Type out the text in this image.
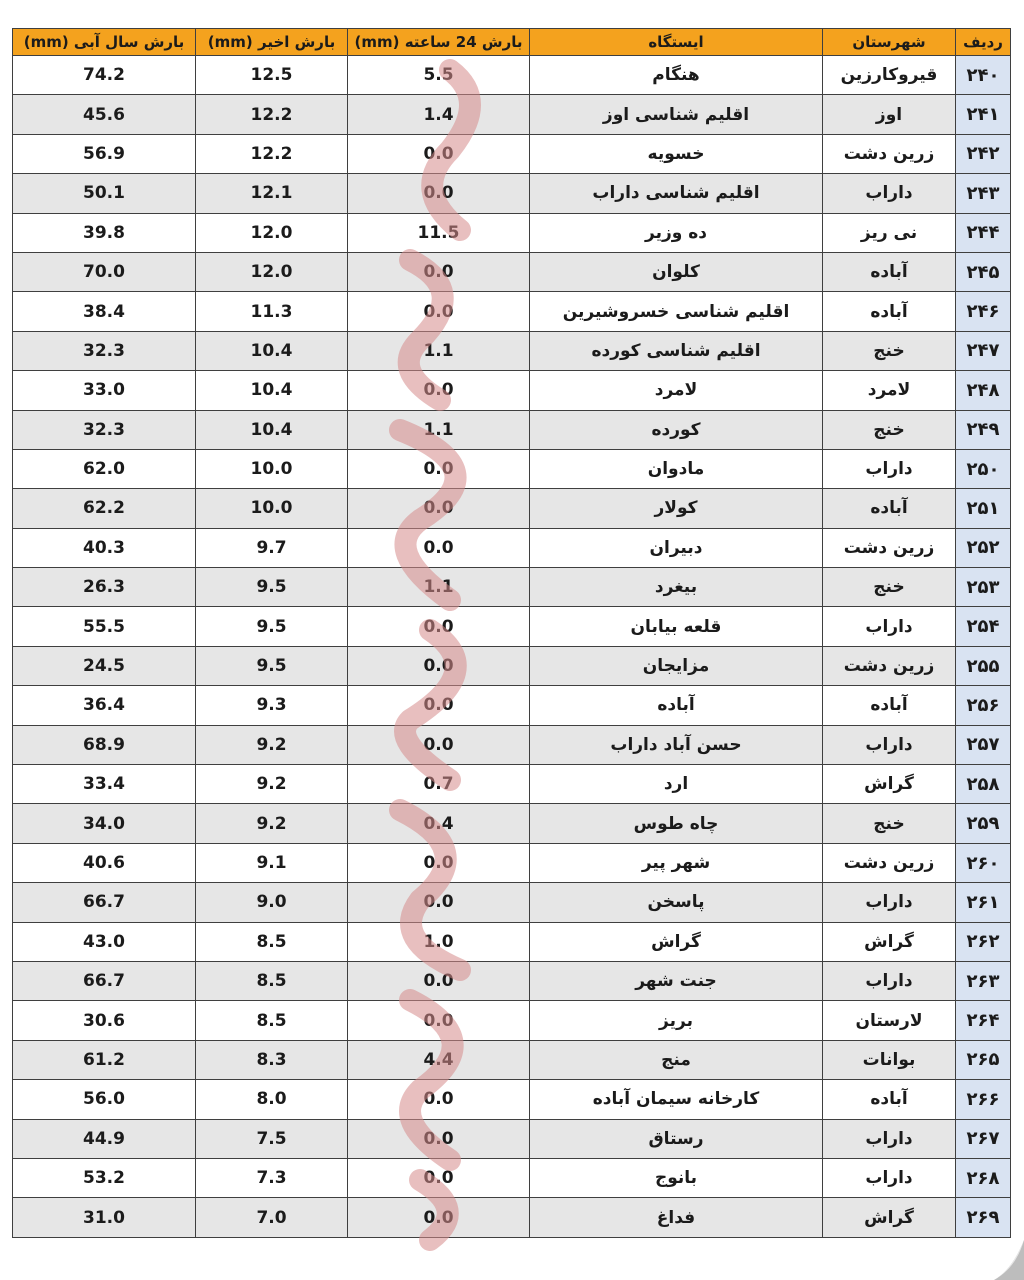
بارش سال آبی (mm)	بارش اخیر (mm)	بارش 24 ساعته (mm)	ایستگاه	شهرستان	ردیف
74.2	12.5	5.5	هنگام	قیروکارزین	۲۴۰
45.6	12.2	1.4	اقلیم شناسی اوز	اوز	۲۴۱
56.9	12.2	0.0	خسویه	زرین دشت	۲۴۲
50.1	12.1	0.0	اقلیم شناسی داراب	داراب	۲۴۳
39.8	12.0	11.5	ده وزیر	نی ریز	۲۴۴
70.0	12.0	0.0	کلوان	آباده	۲۴۵
38.4	11.3	0.0	اقلیم شناسی خسروشیرین	آباده	۲۴۶
32.3	10.4	1.1	اقلیم شناسی کورده	خنج	۲۴۷
33.0	10.4	0.0	لامرد	لامرد	۲۴۸
32.3	10.4	1.1	کورده	خنج	۲۴۹
62.0	10.0	0.0	مادوان	داراب	۲۵۰
62.2	10.0	0.0	کولار	آباده	۲۵۱
40.3	9.7	0.0	دبیران	زرین دشت	۲۵۲
26.3	9.5	1.1	بیغرد	خنج	۲۵۳
55.5	9.5	0.0	قلعه بیابان	داراب	۲۵۴
24.5	9.5	0.0	مزایجان	زرین دشت	۲۵۵
36.4	9.3	0.0	آباده	آباده	۲۵۶
68.9	9.2	0.0	حسن آباد داراب	داراب	۲۵۷
33.4	9.2	0.7	ارد	گراش	۲۵۸
34.0	9.2	0.4	چاه طوس	خنج	۲۵۹
40.6	9.1	0.0	شهر پیر	زرین دشت	۲۶۰
66.7	9.0	0.0	پاسخن	داراب	۲۶۱
43.0	8.5	1.0	گراش	گراش	۲۶۲
66.7	8.5	0.0	جنت شهر	داراب	۲۶۳
30.6	8.5	0.0	بریز	لارستان	۲۶۴
61.2	8.3	4.4	منج	بوانات	۲۶۵
56.0	8.0	0.0	کارخانه سیمان آباده	آباده	۲۶۶
44.9	7.5	0.0	رستاق	داراب	۲۶۷
53.2	7.3	0.0	بانوج	داراب	۲۶۸
31.0	7.0	0.0	فداغ	گراش	۲۶۹
